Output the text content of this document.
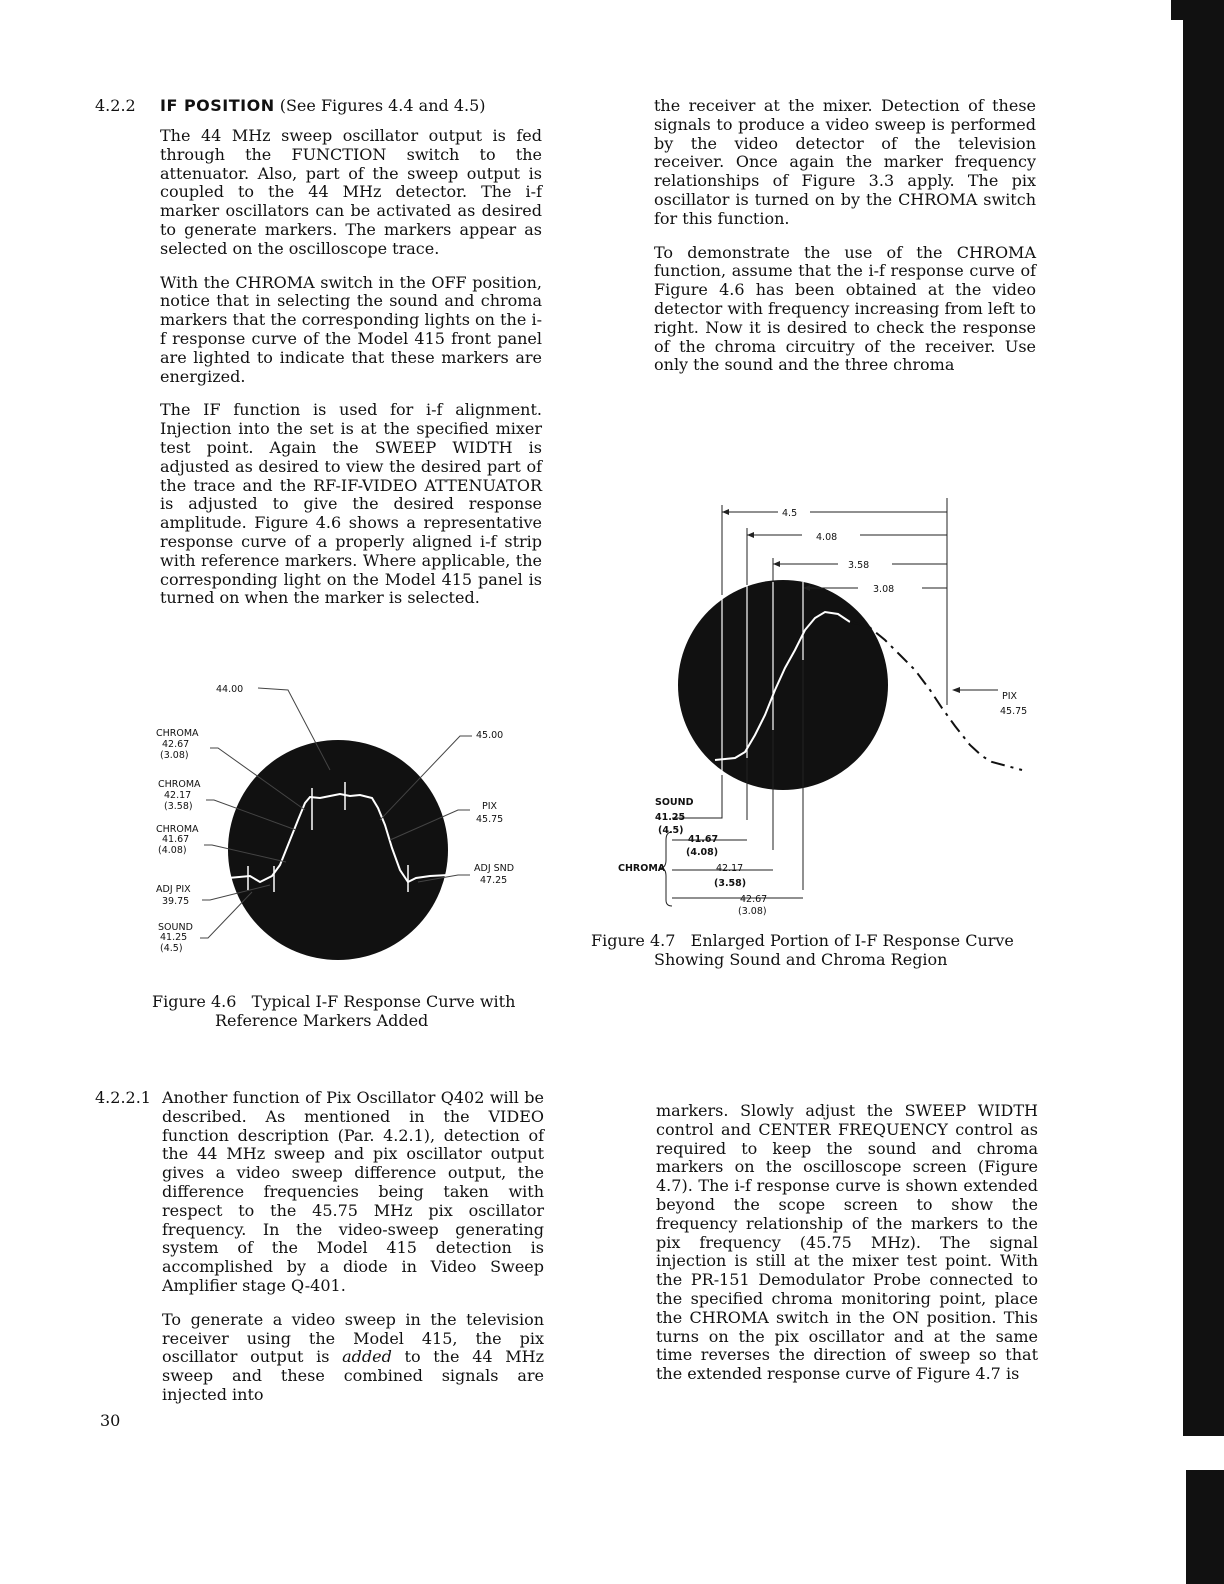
4.2.2 IF POSITION (See Figures 4.4 and 4.5)

The 44 MHz sweep oscillator output is fed through the FUNCTION switch to the attenuator. Also, part of the sweep output is coupled to the 44 MHz detector. The i-f marker oscillators can be activated as desired to generate markers. The markers appear as selected on the oscilloscope trace.

With the CHROMA switch in the OFF position, notice that in selecting the sound and chroma markers that the corresponding lights on the i-f response curve of the Model 415 front panel are lighted to indicate that these markers are energized.

The IF function is used for i-f alignment. Injection into the set is at the specified mixer test point. Again the SWEEP WIDTH is adjusted as desired to view the desired part of the trace and the RF-IF-VIDEO ATTENUATOR is adjusted to give the desired response amplitude. Figure 4.6 shows a representative response curve of a properly aligned i-f strip with reference markers. Where applicable, the corresponding light on the Model 415 panel is turned on when the marker is selected.

the receiver at the mixer. Detection of these signals to produce a video sweep is performed by the video detector of the television receiver. Once again the marker frequency relationships of Figure 3.3 apply. The pix oscillator is turned on by the CHROMA switch for this function.

To demonstrate the use of the CHROMA function, assume that the i-f response curve of Figure 4.6 has been obtained at the video detector with frequency increasing from left to right. Now it is desired to check the response of the chroma circuitry of the receiver. Use only the sound and the three chroma

44.00
CHROMA
42.67
(3.08)
CHROMA
42.17
(3.58)
CHROMA
41.67
(4.08)
ADJ PIX
39.75
SOUND
41.25
(4.5)
45.00
PIX
45.75
ADJ SND
47.25
Figure 4.6   Typical I-F Response Curve with
Reference Markers Added
4.5
4.08
3.58
3.08
PIX
45.75
SOUND
41.25
(4.5)
CHROMA
41.67
(4.08)
42.17
(3.58)
42.67
(3.08)
Figure 4.7   Enlarged Portion of I-F Response Curve
Showing Sound and Chroma Region
4.2.2.1 Another function of Pix Oscillator Q402 will be described. As mentioned in the VIDEO function description (Par. 4.2.1), detection of the 44 MHz sweep and pix oscillator output gives a video sweep difference output, the difference frequencies being taken with respect to the 45.75 MHz pix oscillator frequency. In the video-sweep generating system of the Model 415 detection is accomplished by a diode in Video Sweep Amplifier stage Q-401.

To generate a video sweep in the television receiver using the Model 415, the pix oscillator output is added to the 44 MHz sweep and these combined signals are injected into

markers. Slowly adjust the SWEEP WIDTH control and CENTER FREQUENCY control as required to keep the sound and chroma markers on the oscilloscope screen (Figure 4.7). The i-f response curve is shown extended beyond the scope screen to show the frequency relationship of the markers to the pix frequency (45.75 MHz). The signal injection is still at the mixer test point. With the PR-151 Demodulator Probe connected to the specified chroma monitoring point, place the CHROMA switch in the ON position. This turns on the pix oscillator and at the same time reverses the direction of sweep so that the extended response curve of Figure 4.7 is

30
